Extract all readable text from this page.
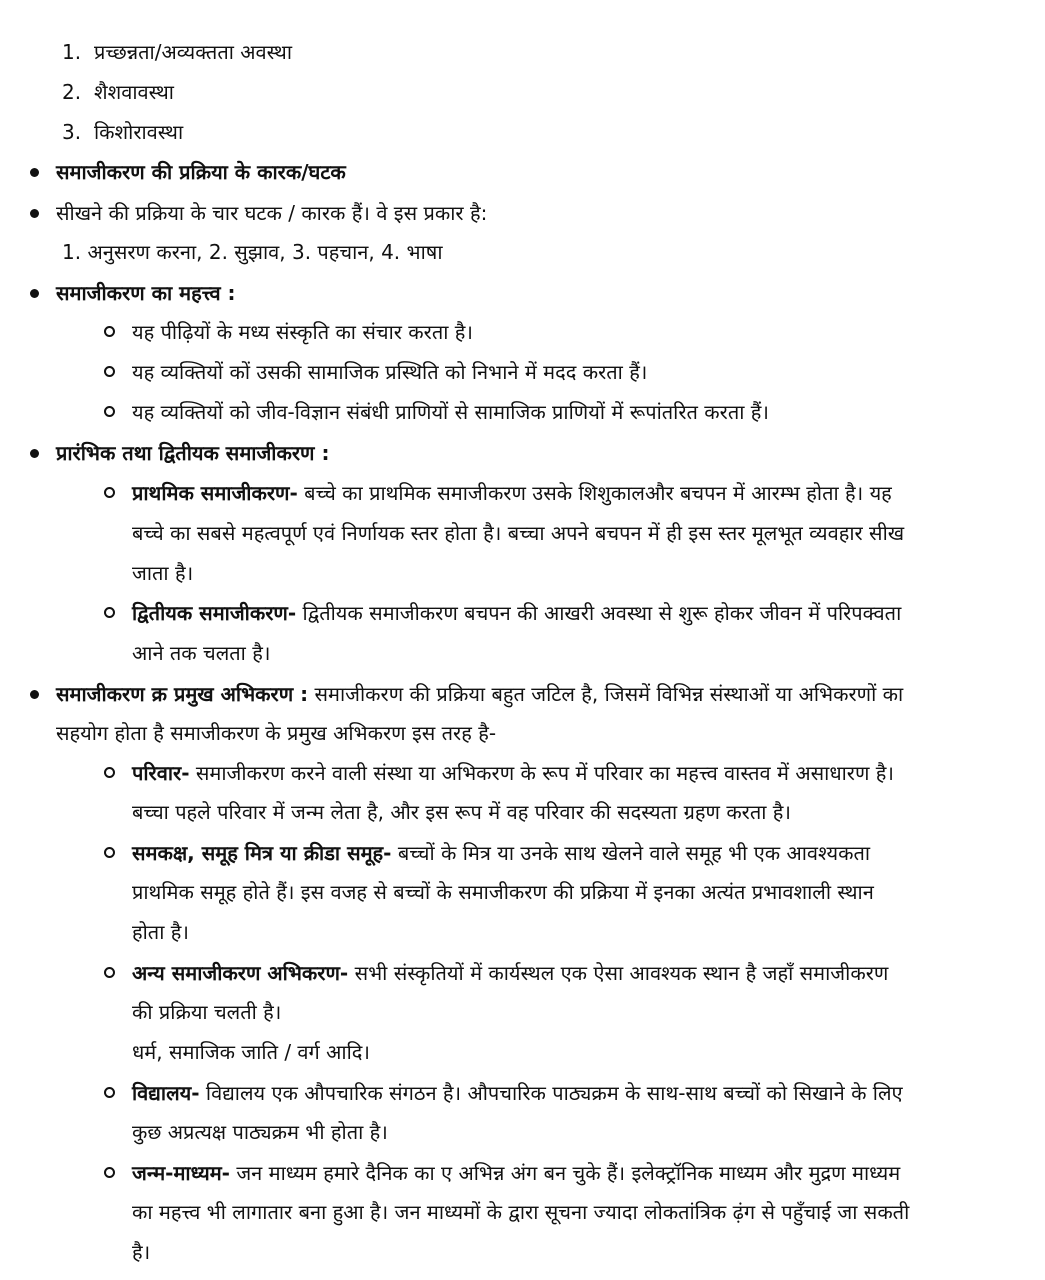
1. प्रच्छन्नता/अव्यक्तता अवस्था
2. शैशवावस्था
3. किशोरावस्था
समाजीकरण की प्रक्रिया के कारक/घटक
सीखने की प्रक्रिया के चार घटक / कारक हैं। वे इस प्रकार है:
1. अनुसरण करना, 2. सुझाव, 3. पहचान, 4. भाषा
समाजीकरण का महत्त्व :
यह पीढ़ियों के मध्य संस्कृति का संचार करता है।
यह व्यक्तियों कों उसकी सामाजिक प्रस्थिति को निभाने में मदद करता हैं।
यह व्यक्तियों को जीव-विज्ञान संबंधी प्राणियों से सामाजिक प्राणियों में रूपांतरित करता हैं।
प्रारंभिक तथा द्वितीयक समाजीकरण :
प्राथमिक समाजीकरण- बच्चे का प्राथमिक समाजीकरण उसके शिशुकालऔर बचपन में आरम्भ होता है। यह
बच्चे का सबसे महत्वपूर्ण एवं निर्णायक स्तर होता है। बच्चा अपने बचपन में ही इस स्तर मूलभूत व्यवहार सीख
जाता है।
द्वितीयक समाजीकरण- द्वितीयक समाजीकरण बचपन की आखरी अवस्था से शुरू होकर जीवन में परिपक्वता
आने तक चलता है।
समाजीकरण क्र प्रमुख अभिकरण : समाजीकरण की प्रक्रिया बहुत जटिल है, जिसमें विभिन्न संस्थाओं या अभिकरणों का
सहयोग होता है समाजीकरण के प्रमुख अभिकरण इस तरह है-
परिवार- समाजीकरण करने वाली संस्था या अभिकरण के रूप में परिवार का महत्त्व वास्तव में असाधारण है।
बच्चा पहले परिवार में जन्म लेता है, और इस रूप में वह परिवार की सदस्यता ग्रहण करता है।
समकक्ष, समूह मित्र या क्रीडा समूह- बच्चों के मित्र या उनके साथ खेलने वाले समूह भी एक आवश्यकता
प्राथमिक समूह होते हैं। इस वजह से बच्चों के समाजीकरण की प्रक्रिया में इनका अत्यंत प्रभावशाली स्थान
होता है।
अन्य समाजीकरण अभिकरण- सभी संस्कृतियों में कार्यस्थल एक ऐसा आवश्यक स्थान है जहाँ समाजीकरण
की प्रक्रिया चलती है।
धर्म, समाजिक जाति / वर्ग आदि।
विद्यालय- विद्यालय एक औपचारिक संगठन है। औपचारिक पाठ्यक्रम के साथ-साथ बच्चों को सिखाने के लिए
कुछ अप्रत्यक्ष पाठ्यक्रम भी होता है।
जन्म-माध्यम- जन माध्यम हमारे दैनिक का ए अभिन्न अंग बन चुके हैं। इलेक्ट्रॉनिक माध्यम और मुद्रण माध्यम
का महत्त्व भी लागातार बना हुआ है। जन माध्यमों के द्वारा सूचना ज्यादा लोकतांत्रिक ढ़ंग से पहुँचाई जा सकती
है।
